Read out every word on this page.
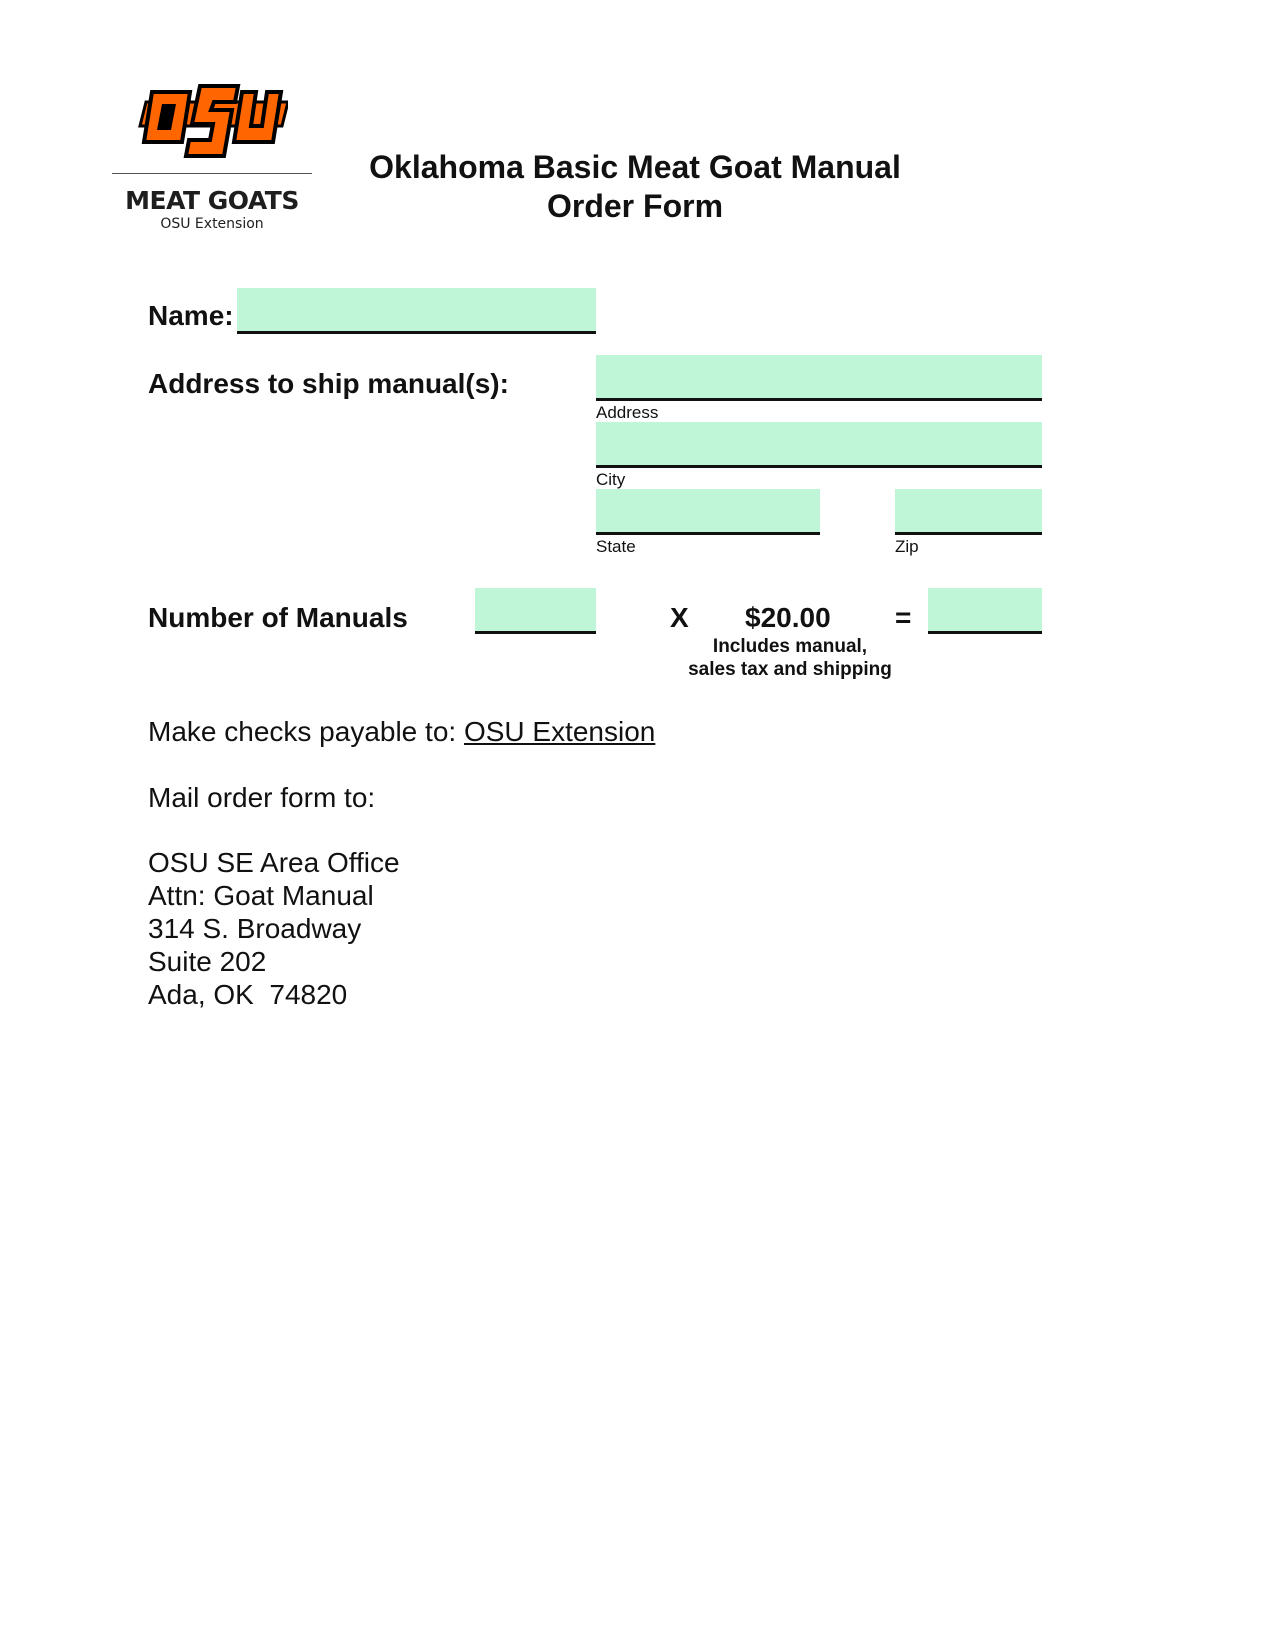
MEAT GOATS
OSU Extension
Oklahoma Basic Meat Goat Manual
Order Form
Name:
Address to ship manual(s):
Address
City
State	Zip
Number of Manuals	X $20.00 =
Includes manual,
sales tax and shipping
Make checks payable to: OSU Extension
Mail order form to:
OSU SE Area Office
Attn: Goat Manual
314 S. Broadway
Suite 202
Ada, OK  74820
